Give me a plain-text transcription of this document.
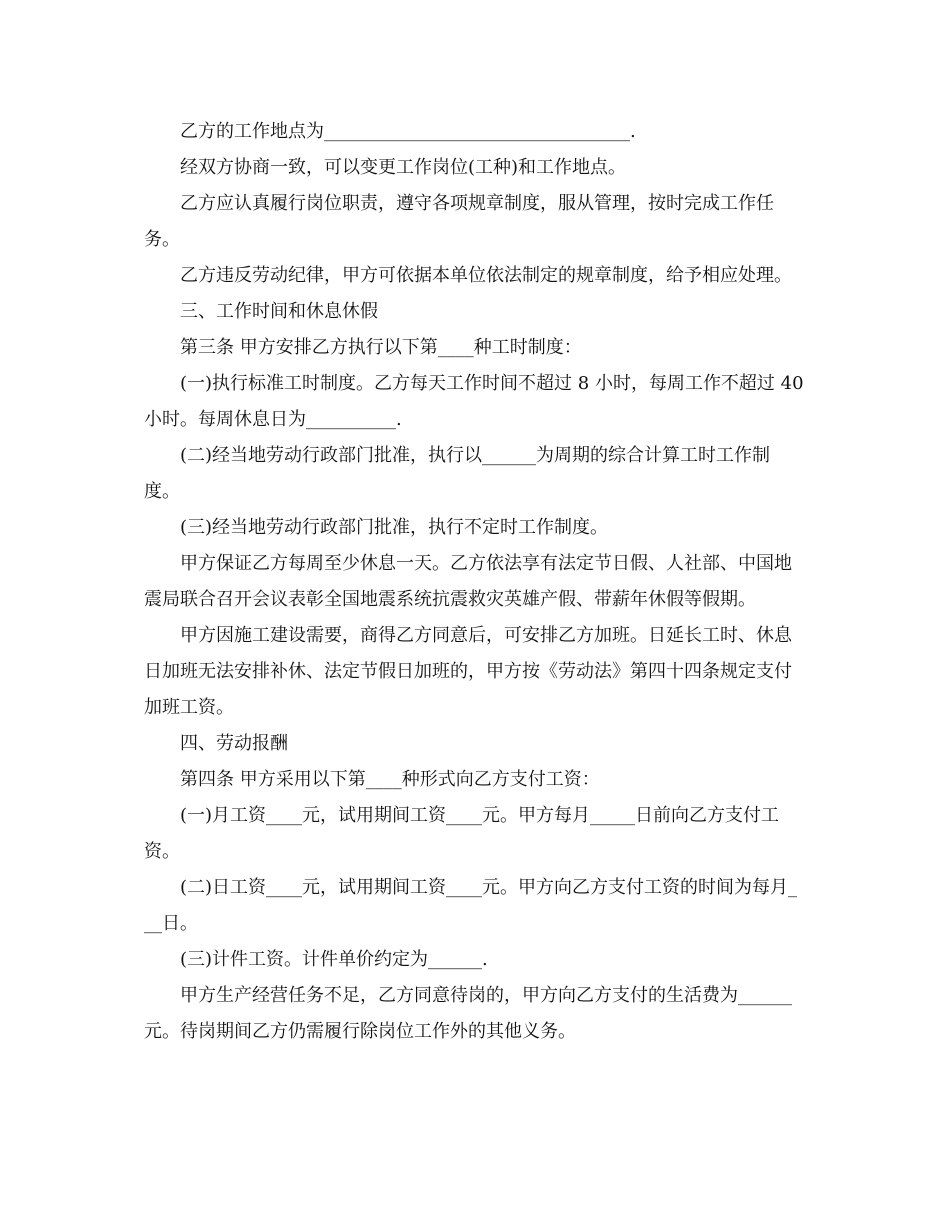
乙方的工作地点为__________________________________.

经双方协商一致，可以变更工作岗位(工种)和工作地点。

乙方应认真履行岗位职责，遵守各项规章制度，服从管理，按时完成工作任务。

乙方违反劳动纪律，甲方可依据本单位依法制定的规章制度，给予相应处理。

三、工作时间和休息休假

第三条 甲方安排乙方执行以下第____种工时制度：

(一)执行标准工时制度。乙方每天工作时间不超过 8 小时，每周工作不超过 40 小时。每周休息日为__________.

(二)经当地劳动行政部门批准，执行以______为周期的综合计算工时工作制度。

(三)经当地劳动行政部门批准，执行不定时工作制度。

甲方保证乙方每周至少休息一天。乙方依法享有法定节日假、人社部、中国地震局联合召开会议表彰全国地震系统抗震救灾英雄产假、带薪年休假等假期。

甲方因施工建设需要，商得乙方同意后，可安排乙方加班。日延长工时、休息日加班无法安排补休、法定节假日加班的，甲方按《劳动法》第四十四条规定支付加班工资。

四、劳动报酬

第四条 甲方采用以下第____种形式向乙方支付工资：

(一)月工资____元，试用期间工资____元。甲方每月_____日前向乙方支付工资。

(二)日工资____元，试用期间工资____元。甲方向乙方支付工资的时间为每月___日。

(三)计件工资。计件单价约定为______.

甲方生产经营任务不足，乙方同意待岗的，甲方向乙方支付的生活费为______元。待岗期间乙方仍需履行除岗位工作外的其他义务。
